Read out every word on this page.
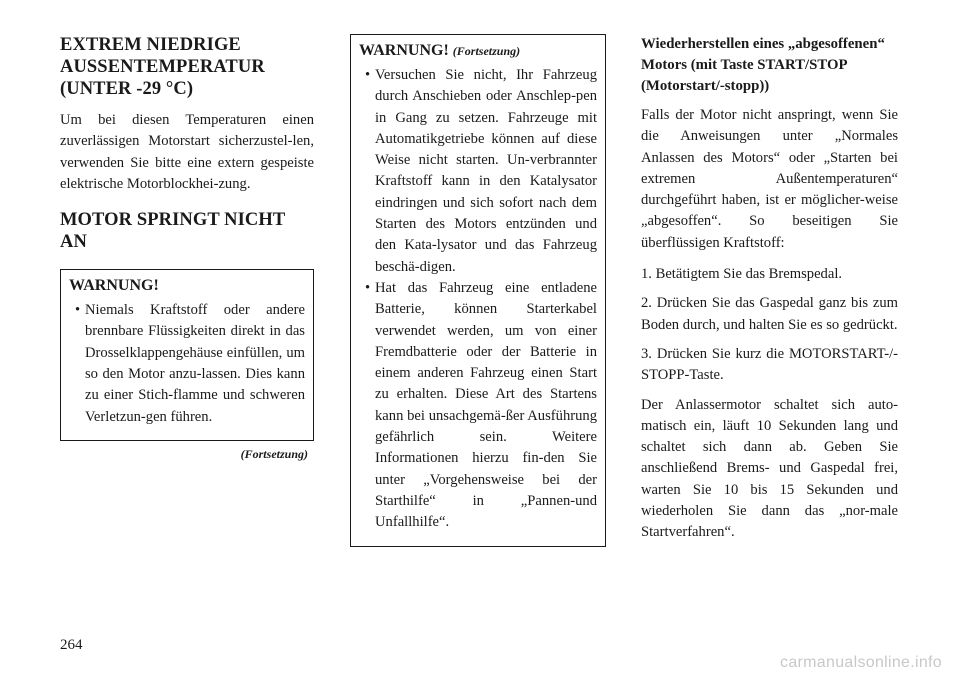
EXTREM NIEDRIGE AUSSENTEMPERATUR (UNTER -29 °C)

Um bei diesen Temperaturen einen zuverlässigen Motorstart sicherzustel-len, verwenden Sie bitte eine extern gespeiste elektrische Motorblockhei-zung.

MOTOR SPRINGT NICHT AN
WARNUNG!
• Niemals Kraftstoff oder andere brennbare Flüssigkeiten direkt in das Drosselklappengehäuse einfüllen, um so den Motor anzu-lassen. Dies kann zu einer Stich-flamme und schweren Verletzun-gen führen.
(Fortsetzung)
WARNUNG! (Fortsetzung)
• Versuchen Sie nicht, Ihr Fahrzeug durch Anschieben oder Anschlep-pen in Gang zu setzen. Fahrzeuge mit Automatikgetriebe können auf diese Weise nicht starten. Un-verbrannter Kraftstoff kann in den Katalysator eindringen und sich sofort nach dem Starten des Motors entzünden und den Kata-lysator und das Fahrzeug beschä-digen.
• Hat das Fahrzeug eine entladene Batterie, können Starterkabel verwendet werden, um von einer Fremdbatterie oder der Batterie in einem anderen Fahrzeug einen Start zu erhalten. Diese Art des Startens kann bei unsachgemä-ßer Ausführung gefährlich sein. Weitere Informationen hierzu fin-den Sie unter „Vorgehensweise bei der Starthilfe“ in „Pannen-und Unfallhilfe“.
Wiederherstellen eines „abgesoffenen“ Motors (mit Taste START/STOP (Motorstart/-stopp))

Falls der Motor nicht anspringt, wenn Sie die Anweisungen unter „Normales Anlassen des Motors“ oder „Starten bei extremen Außentemperaturen“ durchgeführt haben, ist er möglicher-weise „abgesoffen“. So beseitigen Sie überflüssigen Kraftstoff:

1. Betätigtem Sie das Bremspedal.

2. Drücken Sie das Gaspedal ganz bis zum Boden durch, und halten Sie es so gedrückt.

3. Drücken Sie kurz die MOTORSTART-/-STOPP-Taste.

Der Anlassermotor schaltet sich auto-matisch ein, läuft 10 Sekunden lang und schaltet sich dann ab. Geben Sie anschließend Brems- und Gaspedal frei, warten Sie 10 bis 15 Sekunden und wiederholen Sie dann das „nor-male Startverfahren“.

264
carmanualsonline.info
